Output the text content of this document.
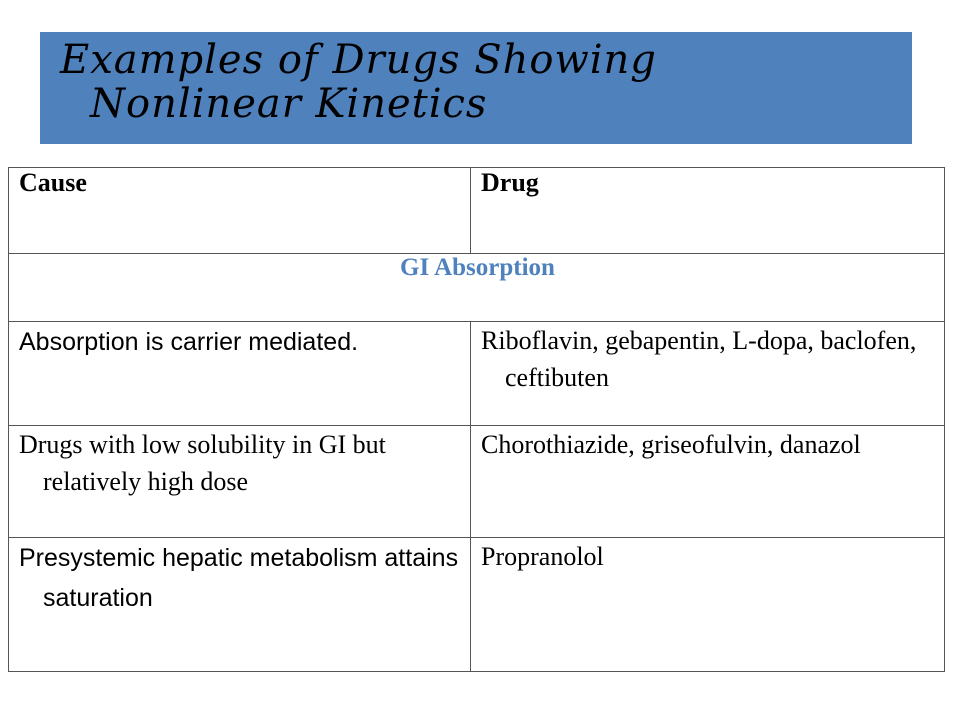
Examples of Drugs Showing
Nonlinear Kinetics
Cause	Drug
GI Absorption	
Absorption is carrier mediated.	Riboflavin, gebapentin, L-dopa, baclofen, ceftibuten
Drugs with low solubility in GI but relatively high dose	Chorothiazide, griseofulvin, danazol
Presystemic hepatic metabolism attains saturation	Propranolol
